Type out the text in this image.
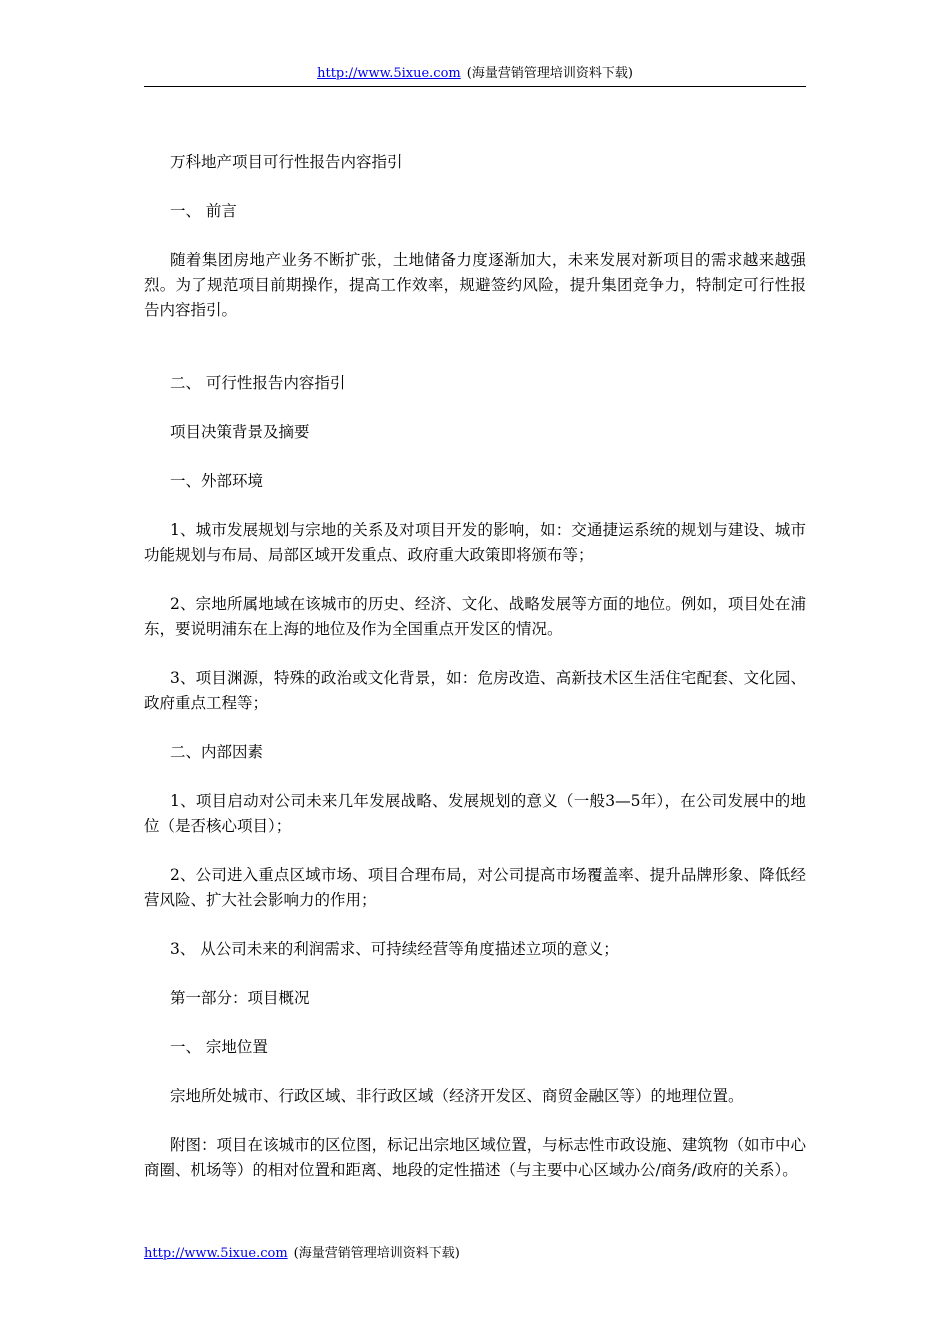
http://www.5ixue.com (海量营销管理培训资料下载)

万科地产项目可行性报告内容指引

一、 前言

随着集团房地产业务不断扩张，土地储备力度逐渐加大，未来发展对新项目的需求越来越强烈。为了规范项目前期操作，提高工作效率，规避签约风险，提升集团竞争力，特制定可行性报告内容指引。

二、 可行性报告内容指引

项目决策背景及摘要

一、外部环境

1、城市发展规划与宗地的关系及对项目开发的影响，如：交通捷运系统的规划与建设、城市功能规划与布局、局部区域开发重点、政府重大政策即将颁布等；

2、宗地所属地域在该城市的历史、经济、文化、战略发展等方面的地位。例如，项目处在浦东，要说明浦东在上海的地位及作为全国重点开发区的情况。

3、项目渊源，特殊的政治或文化背景，如：危房改造、高新技术区生活住宅配套、文化园、政府重点工程等；

二、内部因素

1、项目启动对公司未来几年发展战略、发展规划的意义（一般3—5年），在公司发展中的地位（是否核心项目）；

2、公司进入重点区域市场、项目合理布局，对公司提高市场覆盖率、提升品牌形象、降低经营风险、扩大社会影响力的作用；

3、 从公司未来的利润需求、可持续经营等角度描述立项的意义；

第一部分：项目概况

一、 宗地位置

宗地所处城市、行政区域、非行政区域（经济开发区、商贸金融区等）的地理位置。

附图：项目在该城市的区位图，标记出宗地区域位置，与标志性市政设施、建筑物（如市中心商圈、机场等）的相对位置和距离、地段的定性描述（与主要中心区域办公/商务/政府的关系）。

http://www.5ixue.com (海量营销管理培训资料下载)
